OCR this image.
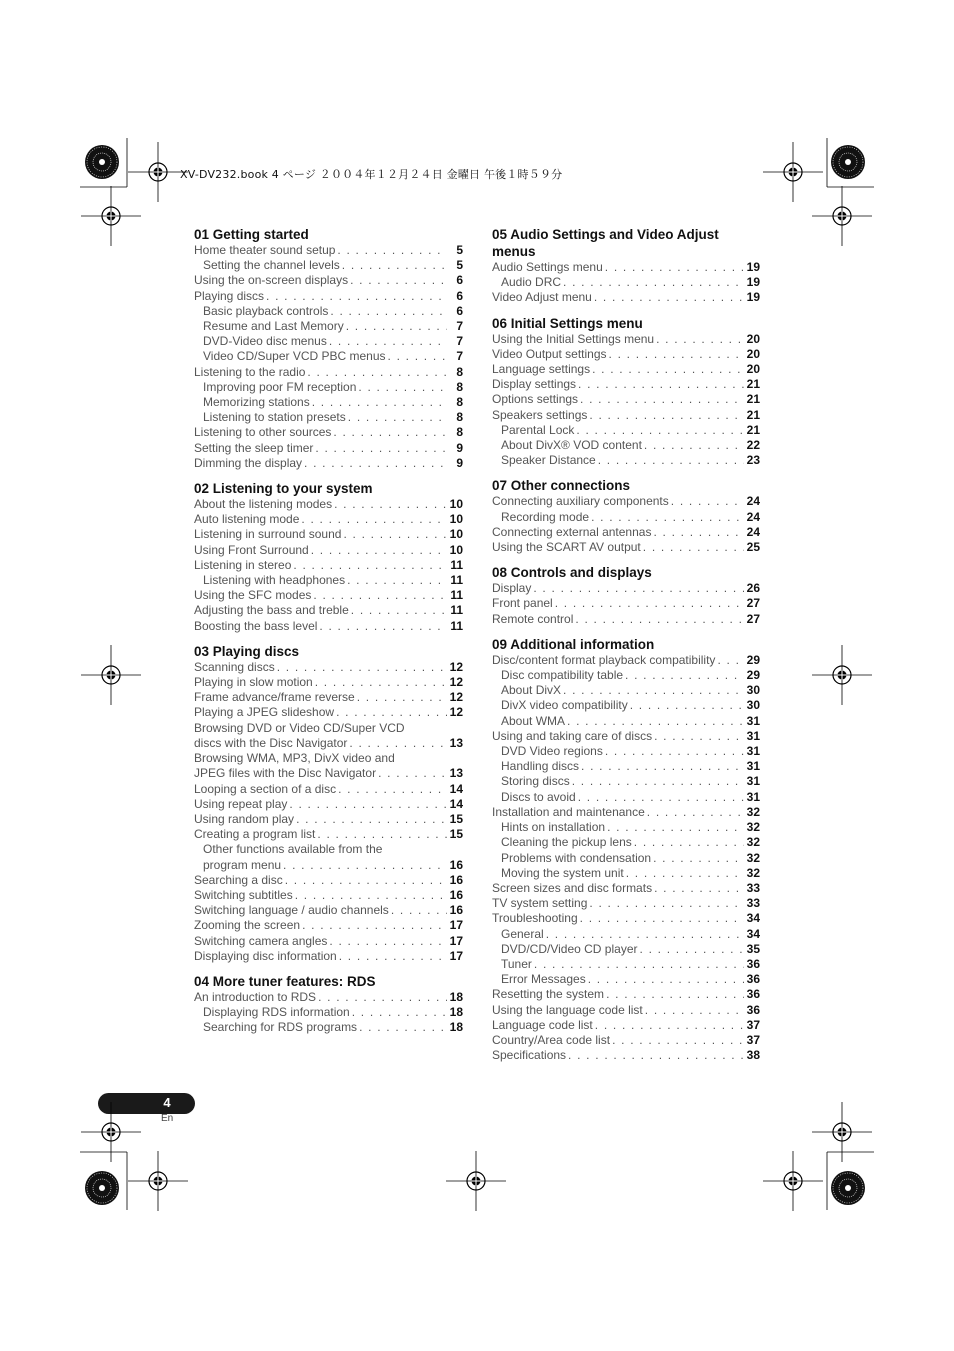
XV-DV232.book 4 ページ ２００４年１２月２４日 金曜日 午後１時５９分
01 Getting started
Home theater sound setup . . .	5
Setting the channel levels . . .	5
Using the on-screen displays . . .	6
Playing discs . . .	6
Basic playback controls . . .	6
Resume and Last Memory . . .	7
DVD-Video disc menus . . .	7
Video CD/Super VCD PBC menus . . .	7
Listening to the radio . . .	8
Improving poor FM reception . . .	8
Memorizing stations . . .	8
Listening to station presets . . .	8
Listening to other sources . . .	8
Setting the sleep timer . . .	9
Dimming the display . . .	9
02 Listening to your system
About the listening modes . . .	10
Auto listening mode . . .	10
Listening in surround sound . . .	10
Using Front Surround . . .	10
Listening in stereo . . .	11
Listening with headphones . . .	11
Using the SFC modes . . .	11
Adjusting the bass and treble . . .	11
Boosting the bass level . . .	11
03 Playing discs
Scanning discs . . .	12
Playing in slow motion . . .	12
Frame advance/frame reverse . . .	12
Playing a JPEG slideshow . . .	12
Browsing DVD or Video CD/Super VCD
discs with the Disc Navigator . . .	13
Browsing WMA, MP3, DivX video and
JPEG files with the Disc Navigator . . .	13
Looping a section of a disc . . .	14
Using repeat play . . .	14
Using random play . . .	15
Creating a program list . . .	15
Other functions available from the
program menu . . .	16
Searching a disc . . .	16
Switching subtitles . . .	16
Switching language / audio channels . . .	16
Zooming the screen . . .	17
Switching camera angles . . .	17
Displaying disc information . . .	17
04 More tuner features: RDS
An introduction to RDS . . .	18
Displaying RDS information . . .	18
Searching for RDS programs . . .	18
05 Audio Settings and Video Adjust menus
Audio Settings menu . . .	19
Audio DRC . . .	19
Video Adjust menu . . .	19
06 Initial Settings menu
Using the Initial Settings menu . . .	20
Video Output settings . . .	20
Language settings . . .	20
Display settings . . .	21
Options settings . . .	21
Speakers settings . . .	21
Parental Lock . . .	21
About DivX® VOD content . . .	22
Speaker Distance . . .	23
07 Other connections
Connecting auxiliary components . . .	24
Recording mode . . .	24
Connecting external antennas . . .	24
Using the SCART AV output . . .	25
08 Controls and displays
Display . . .	26
Front panel . . .	27
Remote control . . .	27
09 Additional information
Disc/content format playback compatibility . . .	29
Disc compatibility table . . .	29
About DivX . . .	30
DivX video compatibility . . .	30
About WMA . . .	31
Using and taking care of discs . . .	31
DVD Video regions . . .	31
Handling discs . . .	31
Storing discs . . .	31
Discs to avoid . . .	31
Installation and maintenance . . .	32
Hints on installation . . .	32
Cleaning the pickup lens . . .	32
Problems with condensation . . .	32
Moving the system unit . . .	32
Screen sizes and disc formats . . .	33
TV system setting . . .	33
Troubleshooting . . .	34
General . . .	34
DVD/CD/Video CD player . . .	35
Tuner . . .	36
Error Messages . . .	36
Resetting the system . . .	36
Using the language code list . . .	36
Language code list . . .	37
Country/Area code list . . .	37
Specifications . . .	38
4
En
